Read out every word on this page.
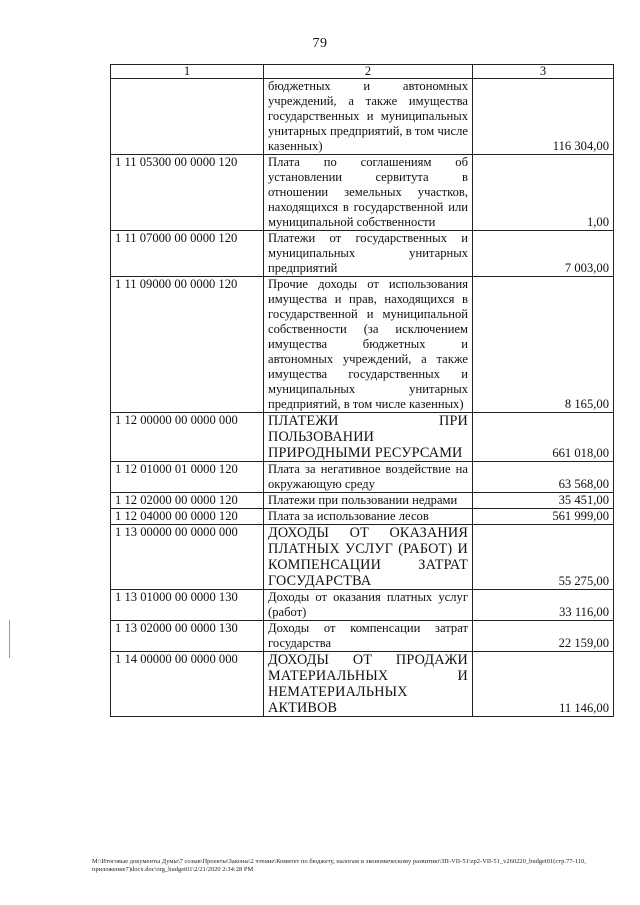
79
1	2	3
	бюджетных и автономных учреждений, а также имущества государственных и муниципальных унитарных предприятий, в том числе казенных)	116 304,00
1 11 05300 00 0000 120	Плата по соглашениям об установлении сервитута в отношении земельных участков, находящихся в государственной или муниципальной собственности	1,00
1 11 07000 00 0000 120	Платежи от государственных и муниципальных унитарных предприятий	7 003,00
1 11 09000 00 0000 120	Прочие доходы от использования имущества и прав, находящихся в государственной и муниципальной собственности (за исключением имущества бюджетных и автономных учреждений, а также имущества государственных и муниципальных унитарных предприятий, в том числе казенных)	8 165,00
1 12 00000 00 0000 000	ПЛАТЕЖИ ПРИ ПОЛЬЗОВАНИИ ПРИРОДНЫМИ РЕСУРСАМИ	661 018,00
1 12 01000 01 0000 120	Плата за негативное воздействие на окружающую среду	63 568,00
1 12 02000 00 0000 120	Платежи при пользовании недрами	35 451,00
1 12 04000 00 0000 120	Плата за использование лесов	561 999,00
1 13 00000 00 0000 000	ДОХОДЫ ОТ ОКАЗАНИЯ ПЛАТНЫХ УСЛУГ (РАБОТ) И КОМПЕНСАЦИИ ЗАТРАТ ГОСУДАРСТВА	55 275,00
1 13 01000 00 0000 130	Доходы от оказания платных услуг (работ)	33 116,00
1 13 02000 00 0000 130	Доходы от компенсации затрат государства	22 159,00
1 14 00000 00 0000 000	ДОХОДЫ ОТ ПРОДАЖИ МАТЕРИАЛЬНЫХ И НЕМАТЕРИАЛЬНЫХ АКТИВОВ	11 146,00
M:\Итоговые документы Думы\7 созыв\Проекты\Законы\2 чтение\Комитет по бюджету, налогам и экономическому развитию\ЗП-VII-51\zp2-VII-51_v260220_budget01(стр.77-110, приложение7)docx.doc\org_budget01\2/21/2020 2:34:28 PM
